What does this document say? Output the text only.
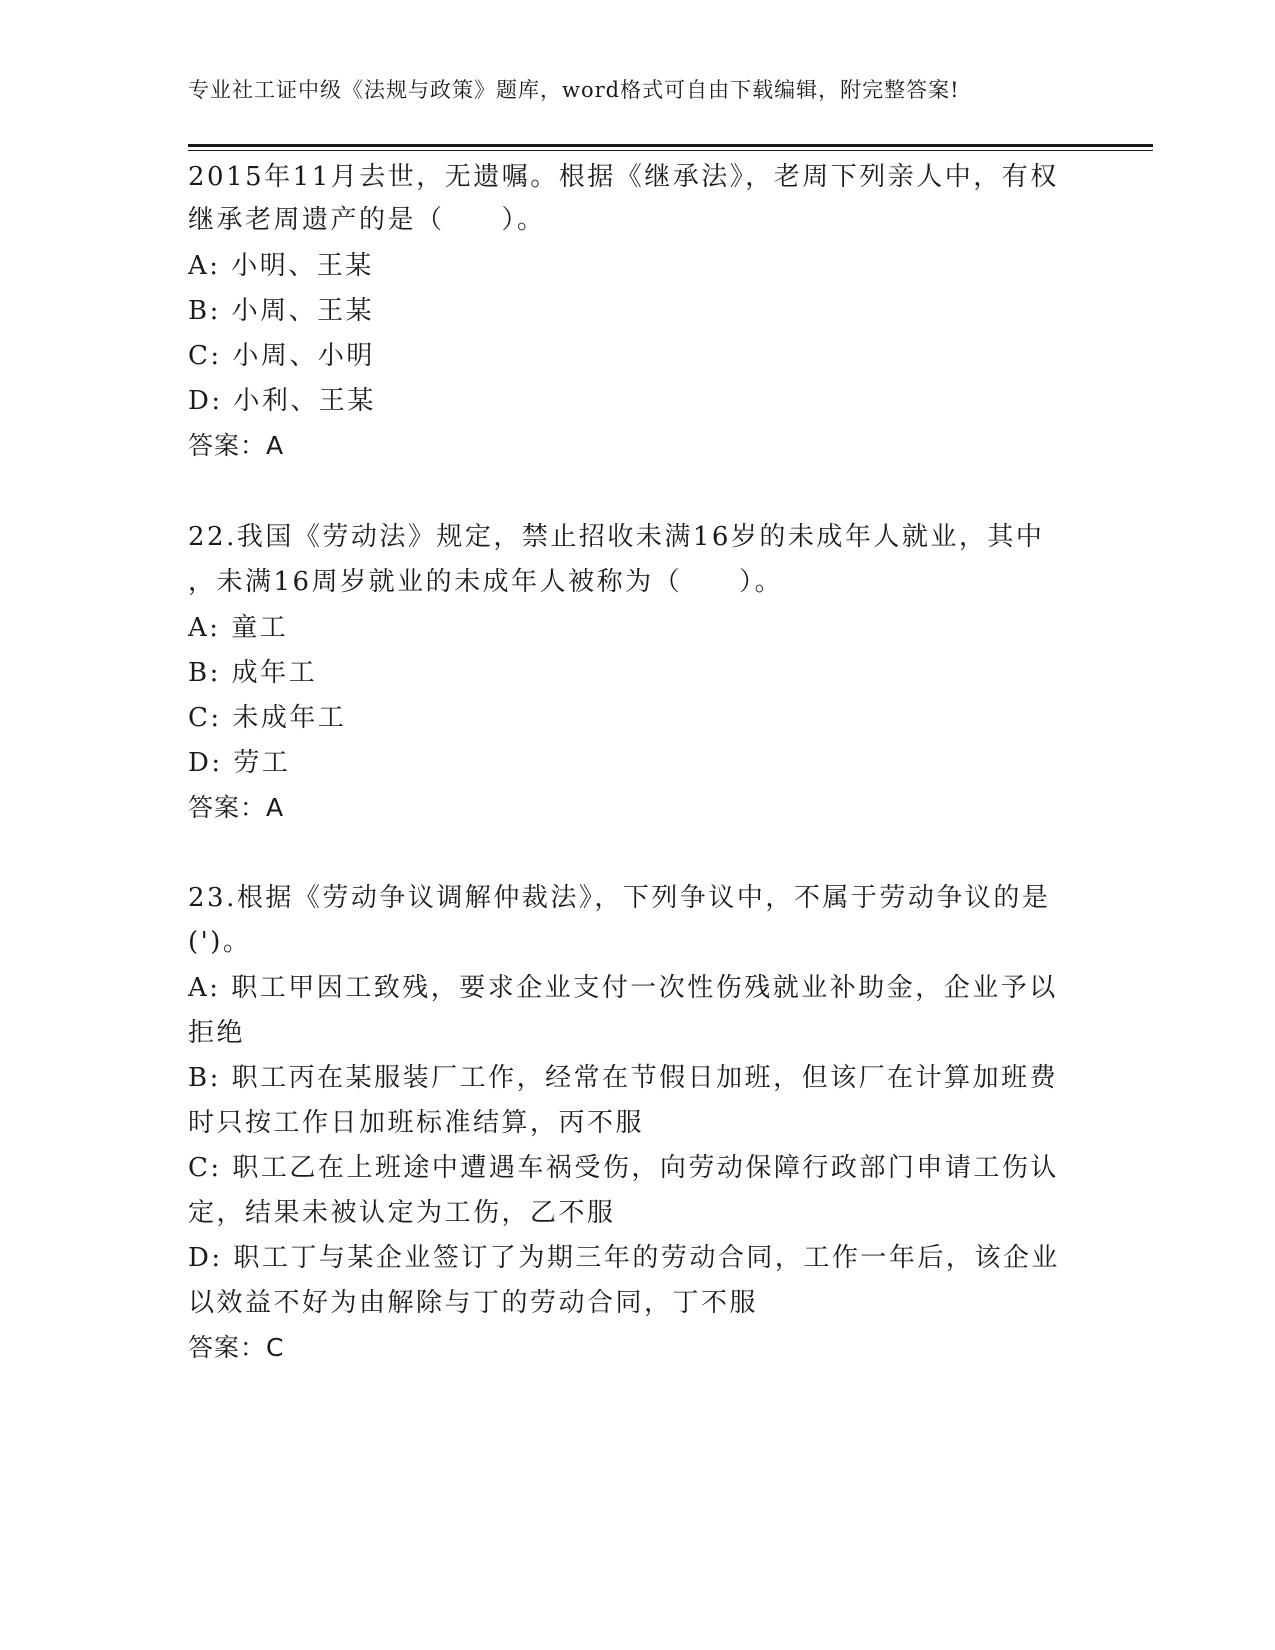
专业社工证中级《法规与政策》题库，word格式可自由下载编辑，附完整答案!
2015年11月去世，无遗嘱。根据《继承法》，老周下列亲人中，有权
继承老周遗产的是（　　）。
A: 小明、王某
B: 小周、王某
C: 小周、小明
D: 小利、王某
答案：A
22.我国《劳动法》规定，禁止招收未满16岁的未成年人就业，其中
，未满16周岁就业的未成年人被称为（　　）。
A: 童工
B: 成年工
C: 未成年工
D: 劳工
答案：A
23.根据《劳动争议调解仲裁法》，下列争议中，不属于劳动争议的是
(')。
A: 职工甲因工致残，要求企业支付一次性伤残就业补助金，企业予以
拒绝
B: 职工丙在某服装厂工作，经常在节假日加班，但该厂在计算加班费
时只按工作日加班标准结算，丙不服
C: 职工乙在上班途中遭遇车祸受伤，向劳动保障行政部门申请工伤认
定，结果未被认定为工伤，乙不服
D: 职工丁与某企业签订了为期三年的劳动合同，工作一年后，该企业
以效益不好为由解除与丁的劳动合同，丁不服
答案：C
